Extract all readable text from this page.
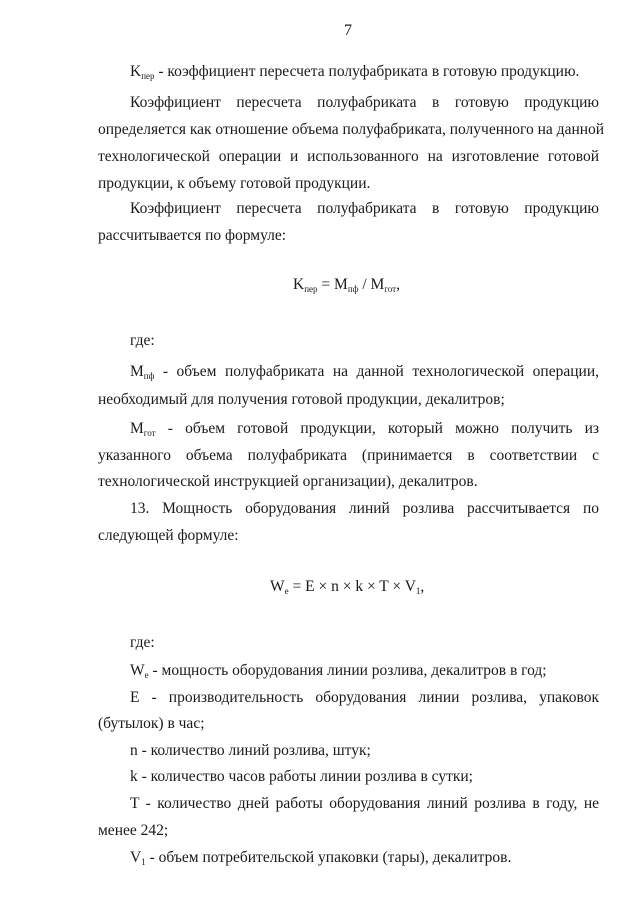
7
$K_{пер}$ - коэффициент пересчета полуфабриката в готовую продукцию.
Коэффициент пересчета полуфабриката в готовую продукцию
определяется как отношение объема полуфабриката, полученного на данной
технологической операции и использованного на изготовление готовой
продукции, к объему готовой продукции.
Коэффициент пересчета полуфабриката в готовую продукцию
рассчитывается по формуле:
$K_{пер} = M_{пф} / M_{гот}$,
где:
$M_{пф}$ - объем полуфабриката на данной технологической операции,
необходимый для получения готовой продукции, декалитров;
$M_{гот}$ - объем готовой продукции, который можно получить из
указанного объема полуфабриката (принимается в соответствии с
технологической инструкцией организации), декалитров.
13. Мощность оборудования линий розлива рассчитывается по
следующей формуле:
$W_e = E \times n \times k \times T \times V_1$,
где:
$W_e$ - мощность оборудования линии розлива, декалитров в год;
E - производительность оборудования линии розлива, упаковок
(бутылок) в час;
n - количество линий розлива, штук;
k - количество часов работы линии розлива в сутки;
T - количество дней работы оборудования линий розлива в году, не
менее 242;
$V_1$ - объем потребительской упаковки (тары), декалитров.
